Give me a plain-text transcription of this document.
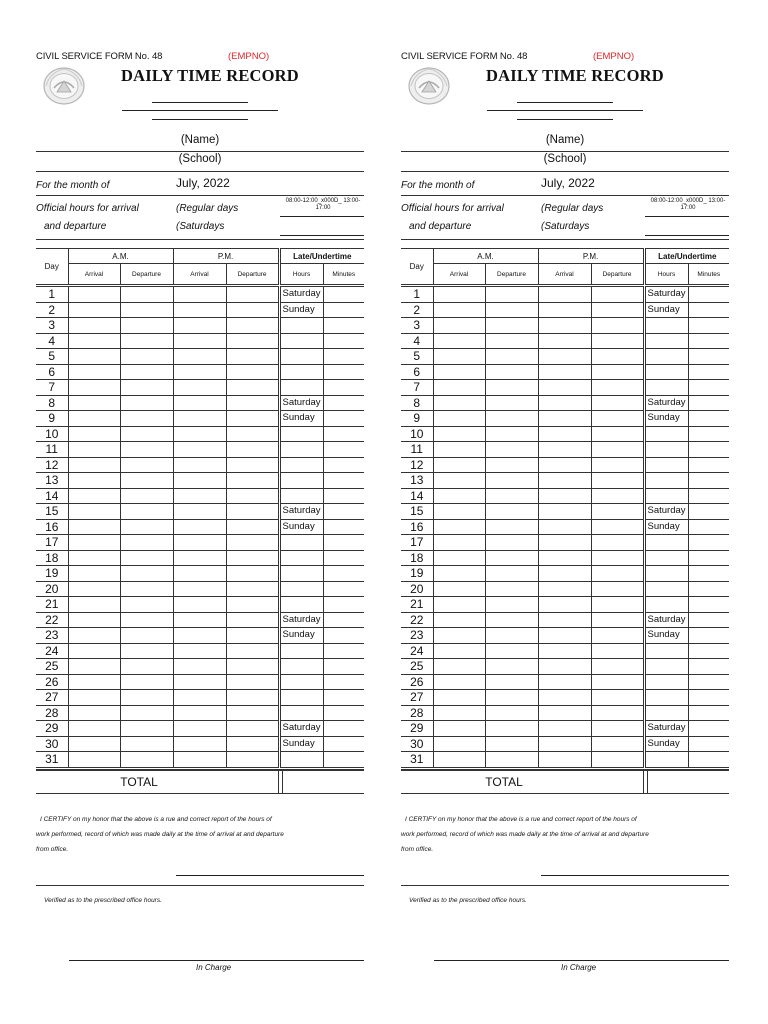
CIVIL SERVICE FORM No. 48	(EMPNO)
DAILY TIME RECORD
(Name)
(School)
For the month of	July, 2022
Official hours for arrival	(Regular days
08:00-12:00_x000D_ 13:00-17:00
and departure	(Saturdays
Day	A.M.		P.M.		Late/Undertime	
	Arrival	Departure	Arrival	Departure	Hours	Minutes
1					Saturday	
2					Sunday	
3						
4						
5						
6						
7						
8					Saturday	
9					Sunday	
10						
11						
12						
13						
14						
15					Saturday	
16					Sunday	
17						
18						
19						
20						
21						
22					Saturday	
23					Sunday	
24						
25						
26						
27						
28						
29					Saturday	
30					Sunday	
31						
TOTAL
I CERTIFY on my honor that the above is a rue and correct report of the hours of
work performed, record of which was made daily at the time of arrival at and departure
from office.
Verified as to the prescribed office hours.
In Charge
CIVIL SERVICE FORM No. 48	(EMPNO)
DAILY TIME RECORD
(Name)
(School)
For the month of	July, 2022
Official hours for arrival	(Regular days
08:00-12:00_x000D_ 13:00-17:00
and departure	(Saturdays
Day	A.M.		P.M.		Late/Undertime	
	Arrival	Departure	Arrival	Departure	Hours	Minutes
1					Saturday	
2					Sunday	
3						
4						
5						
6						
7						
8					Saturday	
9					Sunday	
10						
11						
12						
13						
14						
15					Saturday	
16					Sunday	
17						
18						
19						
20						
21						
22					Saturday	
23					Sunday	
24						
25						
26						
27						
28						
29					Saturday	
30					Sunday	
31						
TOTAL
I CERTIFY on my honor that the above is a rue and correct report of the hours of
work performed, record of which was made daily at the time of arrival at and departure
from office.
Verified as to the prescribed office hours.
In Charge
